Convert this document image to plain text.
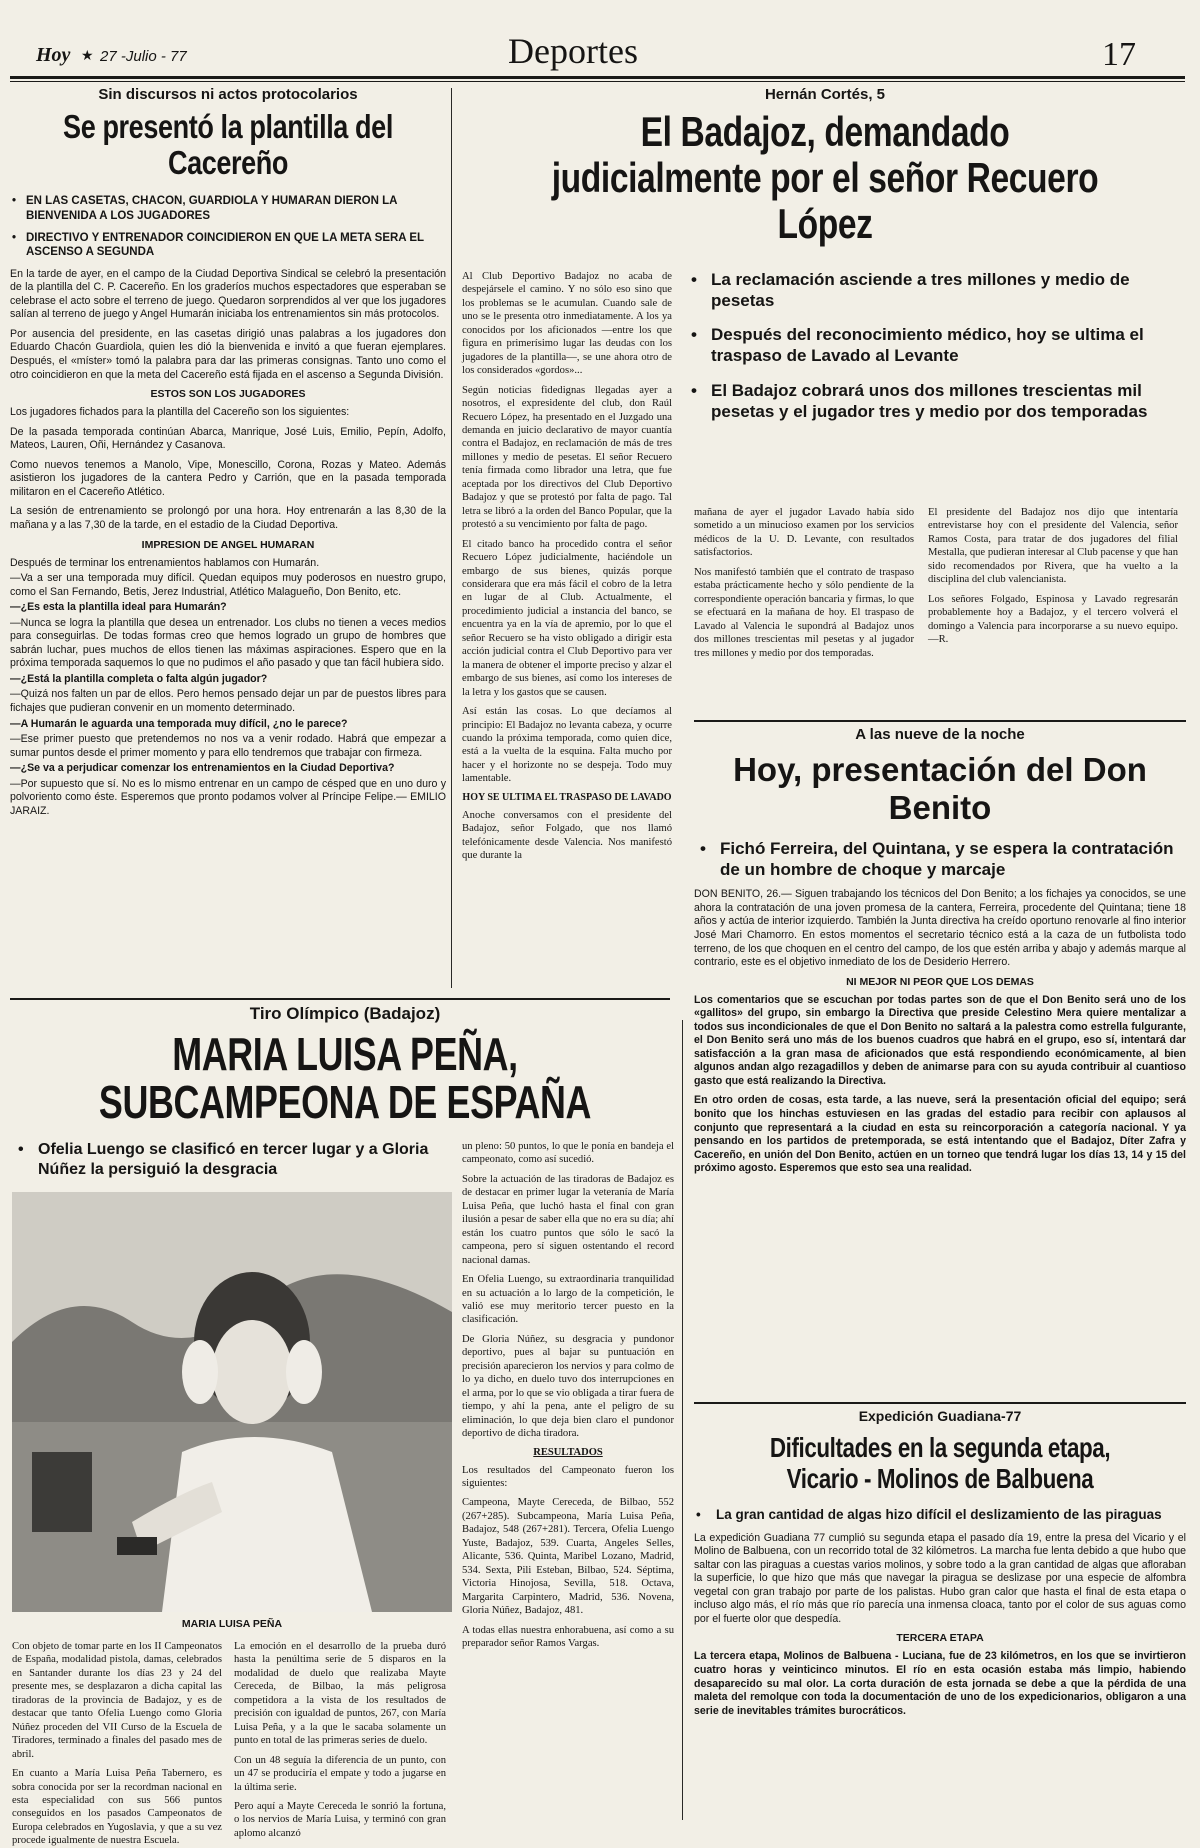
Hoy ★ 27 -Julio - 77	Deportes	17
Sin discursos ni actos protocolarios
Se presentó la plantilla del Cacereño
• EN LAS CASETAS, CHACON, GUARDIOLA Y HUMARAN DIERON LA BIENVENIDA A LOS JUGADORES
• DIRECTIVO Y ENTRENADOR COINCIDIERON EN QUE LA META SERA EL ASCENSO A SEGUNDA

En la tarde de ayer, en el campo de la Ciudad Deportiva Sindical se celebró la presentación de la plantilla del C. P. Cacereño. En los graderíos muchos espectadores que esperaban se celebrase el acto sobre el terreno de juego. Quedaron sorprendidos al ver que los jugadores salían al terreno de juego y Angel Humarán iniciaba los entrenamientos sin más protocolos.

Por ausencia del presidente, en las casetas dirigió unas palabras a los jugadores don Eduardo Chacón Guardiola, quien les dió la bienvenida e invitó a que fueran ejemplares. Después, el «míster» tomó la palabra para dar las primeras consignas. Tanto uno como el otro coincidieron en que la meta del Cacereño está fijada en el ascenso a Segunda División.

ESTOS SON LOS JUGADORES

Los jugadores fichados para la plantilla del Cacereño son los siguientes:

De la pasada temporada continúan Abarca, Manrique, José Luis, Emilio, Pepín, Adolfo, Mateos, Lauren, Oñi, Hernández y Casanova.

Como nuevos tenemos a Manolo, Vipe, Monescillo, Corona, Rozas y Mateo. Además asistieron los jugadores de la cantera Pedro y Carrión, que en la pasada temporada militaron en el Cacereño Atlético.

La sesión de entrenamiento se prolongó por una hora. Hoy entrenarán a las 8,30 de la mañana y a las 7,30 de la tarde, en el estadio de la Ciudad Deportiva.

IMPRESION DE ANGEL HUMARAN

Después de terminar los entrenamientos hablamos con Humarán.

—Va a ser una temporada muy difícil. Quedan equipos muy poderosos en nuestro grupo, como el San Fernando, Betis, Jerez Industrial, Atlético Malagueño, Don Benito, etc.

—¿Es esta la plantilla ideal para Humarán?

—Nunca se logra la plantilla que desea un entrenador. Los clubs no tienen a veces medios para conseguirlas. De todas formas creo que hemos logrado un grupo de hombres que sabrán luchar, pues muchos de ellos tienen las máximas aspiraciones. Espero que en la próxima temporada saquemos lo que no pudimos el año pasado y que tan fácil hubiera sido.

—¿Está la plantilla completa o falta algún jugador?

—Quizá nos falten un par de ellos. Pero hemos pensado dejar un par de puestos libres para fichajes que pudieran convenir en un momento determinado.

—A Humarán le aguarda una temporada muy difícil, ¿no le parece?

—Ese primer puesto que pretendemos no nos va a venir rodado. Habrá que empezar a sumar puntos desde el primer momento y para ello tendremos que trabajar con firmeza.

—¿Se va a perjudicar comenzar los entrenamientos en la Ciudad Deportiva?

—Por supuesto que sí. No es lo mismo entrenar en un campo de césped que en uno duro y polvoriento como éste. Esperemos que pronto podamos volver al Príncipe Felipe.— EMILIO JARAIZ.

Hernán Cortés, 5
El Badajoz, demandado judicialmente por el señor Recuero López

Al Club Deportivo Badajoz no acaba de despejársele el camino. Y no sólo eso sino que los problemas se le acumulan. Cuando sale de uno se le presenta otro inmediatamente. A los ya conocidos por los aficionados —entre los que figura en primerísimo lugar las deudas con los jugadores de la plantilla—, se une ahora otro de los considerados «gordos»...

Según noticias fidedignas llegadas ayer a nosotros, el expresidente del club, don Raúl Recuero López, ha presentado en el Juzgado una demanda en juicio declarativo de mayor cuantía contra el Badajoz, en reclamación de más de tres millones y medio de pesetas. El señor Recuero tenía firmada como librador una letra, que fue aceptada por los directivos del Club Deportivo Badajoz y que se protestó por falta de pago. Tal letra se libró a la orden del Banco Popular, que la protestó a su vencimiento por falta de pago.

El citado banco ha procedido contra el señor Recuero López judicialmente, haciéndole un embargo de sus bienes, quizás porque considerara que era más fácil el cobro de la letra en lugar de al Club. Actualmente, el procedimiento judicial a instancia del banco, se encuentra ya en la vía de apremio, por lo que el señor Recuero se ha visto obligado a dirigir esta acción judicial contra el Club Deportivo para ver la manera de obtener el importe preciso y alzar el embargo de sus bienes, así como los intereses de la letra y los gastos que se causen.

Así están las cosas. Lo que decíamos al principio: El Badajoz no levanta cabeza, y ocurre cuando la próxima temporada, como quien dice, está a la vuelta de la esquina. Falta mucho por hacer y el horizonte no se despeja. Todo muy lamentable.

HOY SE ULTIMA EL TRASPASO DE LAVADO

Anoche conversamos con el presidente del Badajoz, señor Folgado, que nos llamó telefónicamente desde Valencia. Nos manifestó que durante la

• La reclamación asciende a tres millones y medio de pesetas
• Después del reconocimiento médico, hoy se ultima el traspaso de Lavado al Levante
• El Badajoz cobrará unos dos millones trescientas mil pesetas y el jugador tres y medio por dos temporadas

mañana de ayer el jugador Lavado había sido sometido a un minucioso examen por los servicios médicos de la U. D. Levante, con resultados satisfactorios.

Nos manifestó también que el contrato de traspaso estaba prácticamente hecho y sólo pendiente de la correspondiente operación bancaria y firmas, lo que se efectuará en la mañana de hoy. El traspaso de Lavado al Valencia le supondrá al Badajoz unos dos millones trescientas mil pesetas y al jugador tres millones y medio por dos temporadas.

El presidente del Badajoz nos dijo que intentaría entrevistarse hoy con el presidente del Valencia, señor Ramos Costa, para tratar de dos jugadores del filial Mestalla, que pudieran interesar al Club pacense y que han sido recomendados por Rivera, que ha vuelto a la disciplina del club valencianista.

Los señores Folgado, Espinosa y Lavado regresarán probablemente hoy a Badajoz, y el tercero volverá el domingo a Valencia para incorporarse a su nuevo equipo.—R.

A las nueve de la noche
Hoy, presentación del Don Benito
• Fichó Ferreira, del Quintana, y se espera la contratación de un hombre de choque y marcaje

DON BENITO, 26.— Siguen trabajando los técnicos del Don Benito; a los fichajes ya conocidos, se une ahora la contratación de una joven promesa de la cantera, Ferreira, procedente del Quintana; tiene 18 años y actúa de interior izquierdo. También la Junta directiva ha creído oportuno renovarle al fino interior José Mari Chamorro. En estos momentos el secretario técnico está a la caza de un futbolista todo terreno, de los que choquen en el centro del campo, de los que estén arriba y abajo y además marque al contrario, este es el objetivo inmediato de los de Desiderio Herrero.

NI MEJOR NI PEOR QUE LOS DEMAS

Los comentarios que se escuchan por todas partes son de que el Don Benito será uno de los «gallitos» del grupo, sin embargo la Directiva que preside Celestino Mera quiere mentalizar a todos sus incondicionales de que el Don Benito no saltará a la palestra como estrella fulgurante, el Don Benito será uno más de los buenos cuadros que habrá en el grupo, eso sí, intentará dar satisfacción a la gran masa de aficionados que está respondiendo económicamente, al bien algunos andan algo rezagadillos y deben de animarse para con su ayuda contribuir al cuantioso gasto que está realizando la Directiva.

En otro orden de cosas, esta tarde, a las nueve, será la presentación oficial del equipo; será bonito que los hinchas estuviesen en las gradas del estadio para recibir con aplausos al conjunto que representará a la ciudad en esta su reincorporación a categoría nacional. Y ya pensando en los partidos de pretemporada, se está intentando que el Badajoz, Díter Zafra y Cacereño, en unión del Don Benito, actúen en un torneo que tendrá lugar los días 13, 14 y 15 del próximo agosto. Esperemos que esto sea una realidad.

Expedición Guadiana-77
Dificultades en la segunda etapa, Vicario - Molinos de Balbuena
• La gran cantidad de algas hizo difícil el deslizamiento de las piraguas

La expedición Guadiana 77 cumplió su segunda etapa el pasado día 19, entre la presa del Vicario y el Molino de Balbuena, con un recorrido total de 32 kilómetros. La marcha fue lenta debido a que hubo que saltar con las piraguas a cuestas varios molinos, y sobre todo a la gran cantidad de algas que afloraban la superficie, lo que hizo que más que navegar la piragua se deslizase por una especie de alfombra vegetal con gran trabajo por parte de los palistas. Hubo gran calor que hasta el final de esta etapa o incluso algo más, el río más que río parecía una inmensa cloaca, tanto por el color de sus aguas como por el fuerte olor que despedía.

TERCERA ETAPA

La tercera etapa, Molinos de Balbuena - Luciana, fue de 23 kilómetros, en los que se invirtieron cuatro horas y veinticinco minutos. El río en esta ocasión estaba más limpio, habiendo desaparecido su mal olor. La corta duración de esta jornada se debe a que la pérdida de una maleta del remolque con toda la documentación de uno de los expedicionarios, obligaron a una serie de inevitables trámites burocráticos.

Tiro Olímpico (Badajoz)
MARIA LUISA PEÑA, SUBCAMPEONA DE ESPAÑA
• Ofelia Luengo se clasificó en tercer lugar y a Gloria Núñez la persiguió la desgracia
MARIA LUISA PEÑA

Con objeto de tomar parte en los II Campeonatos de España, modalidad pistola, damas, celebrados en Santander durante los días 23 y 24 del presente mes, se desplazaron a dicha capital las tiradoras de la provincia de Badajoz, y es de destacar que tanto Ofelia Luengo como Gloria Núñez proceden del VII Curso de la Escuela de Tiradores, terminado a finales del pasado mes de abril.

En cuanto a María Luisa Peña Tabernero, es sobra conocida por ser la recordman nacional en esta especialidad con sus 566 puntos conseguidos en los pasados Campeonatos de Europa celebrados en Yugoslavia, y que a su vez procede igualmente de nuestra Escuela.

La emoción en el desarrollo de la prueba duró hasta la penúltima serie de 5 disparos en la modalidad de duelo que realizaba Mayte Cereceda, de Bilbao, la más peligrosa competidora a la vista de los resultados de precisión con igualdad de puntos, 267, con María Luisa Peña, y a la que le sacaba solamente un punto en total de las primeras series de duelo.

Con un 48 seguía la diferencia de un punto, con un 47 se produciría el empate y todo a jugarse en la última serie.

Pero aquí a Mayte Cereceda le sonrió la fortuna, o los nervios de María Luisa, y terminó con gran aplomo alcanzó

un pleno: 50 puntos, lo que le ponía en bandeja el campeonato, como así sucedió.

Sobre la actuación de las tiradoras de Badajoz es de destacar en primer lugar la veteranía de María Luisa Peña, que luchó hasta el final con gran ilusión a pesar de saber ella que no era su día; ahí están los cuatro puntos que sólo le sacó la campeona, pero sí siguen ostentando el record nacional damas.

En Ofelia Luengo, su extraordinaria tranquilidad en su actuación a lo largo de la competición, le valió ese muy meritorio tercer puesto en la clasificación.

De Gloria Núñez, su desgracia y pundonor deportivo, pues al bajar su puntuación en precisión aparecieron los nervios y para colmo de lo ya dicho, en duelo tuvo dos interrupciones en el arma, por lo que se vio obligada a tirar fuera de tiempo, y ahí la pena, ante el peligro de su eliminación, lo que deja bien claro el pundonor deportivo de dicha tiradora.

RESULTADOS

Los resultados del Campeonato fueron los siguientes:

Campeona, Mayte Cereceda, de Bilbao, 552 (267+285). Subcampeona, María Luisa Peña, Badajoz, 548 (267+281). Tercera, Ofelia Luengo Yuste, Badajoz, 539. Cuarta, Angeles Selles, Alicante, 536. Quinta, Maribel Lozano, Madrid, 534. Sexta, Pili Esteban, Bilbao, 524. Séptima, Victoria Hinojosa, Sevilla, 518. Octava, Margarita Carpintero, Madrid, 536. Novena, Gloria Núñez, Badajoz, 481.

A todas ellas nuestra enhorabuena, así como a su preparador señor Ramos Vargas.
